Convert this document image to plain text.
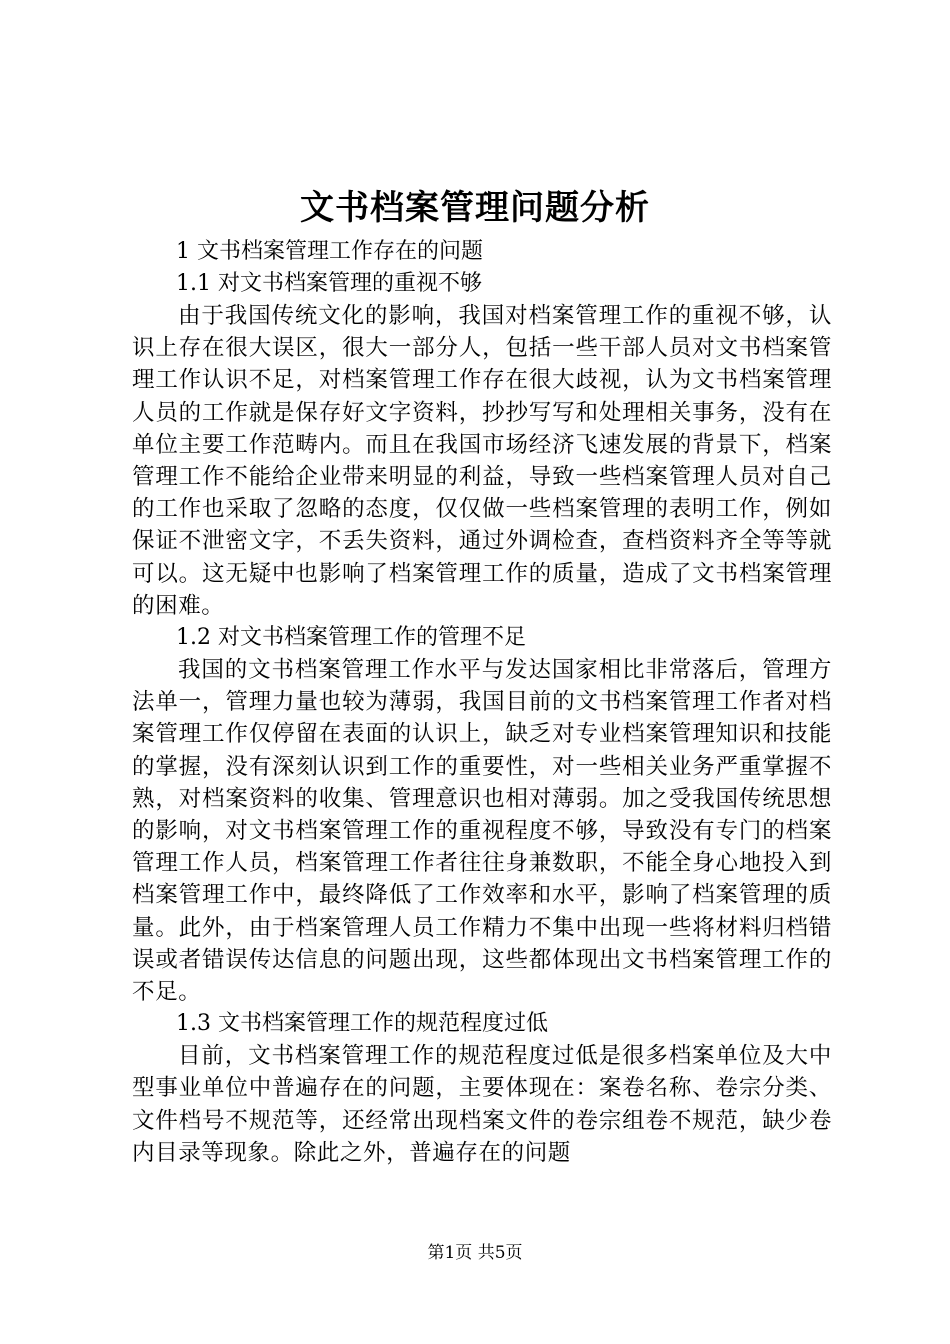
文书档案管理问题分析

1 文书档案管理工作存在的问题

1.1 对文书档案管理的重视不够

由于我国传统文化的影响，我国对档案管理工作的重视不够，认识上存在很大误区，很大一部分人，包括一些干部人员对文书档案管理工作认识不足，对档案管理工作存在很大歧视，认为文书档案管理人员的工作就是保存好文字资料，抄抄写写和处理相关事务，没有在单位主要工作范畴内。而且在我国市场经济飞速发展的背景下，档案管理工作不能给企业带来明显的利益，导致一些档案管理人员对自己的工作也采取了忽略的态度，仅仅做一些档案管理的表明工作，例如保证不泄密文字，不丢失资料，通过外调检查，查档资料齐全等等就可以。这无疑中也影响了档案管理工作的质量，造成了文书档案管理的困难。

1.2 对文书档案管理工作的管理不足

我国的文书档案管理工作水平与发达国家相比非常落后，管理方法单一，管理力量也较为薄弱，我国目前的文书档案管理工作者对档案管理工作仅停留在表面的认识上，缺乏对专业档案管理知识和技能的掌握，没有深刻认识到工作的重要性，对一些相关业务严重掌握不熟，对档案资料的收集、管理意识也相对薄弱。加之受我国传统思想的影响，对文书档案管理工作的重视程度不够，导致没有专门的档案管理工作人员，档案管理工作者往往身兼数职，不能全身心地投入到档案管理工作中，最终降低了工作效率和水平，影响了档案管理的质量。此外，由于档案管理人员工作精力不集中出现一些将材料归档错误或者错误传达信息的问题出现，这些都体现出文书档案管理工作的不足。

1.3 文书档案管理工作的规范程度过低

目前，文书档案管理工作的规范程度过低是很多档案单位及大中型事业单位中普遍存在的问题，主要体现在：案卷名称、卷宗分类、文件档号不规范等，还经常出现档案文件的卷宗组卷不规范，缺少卷内目录等现象。除此之外，普遍存在的问题

第1页 共5页
